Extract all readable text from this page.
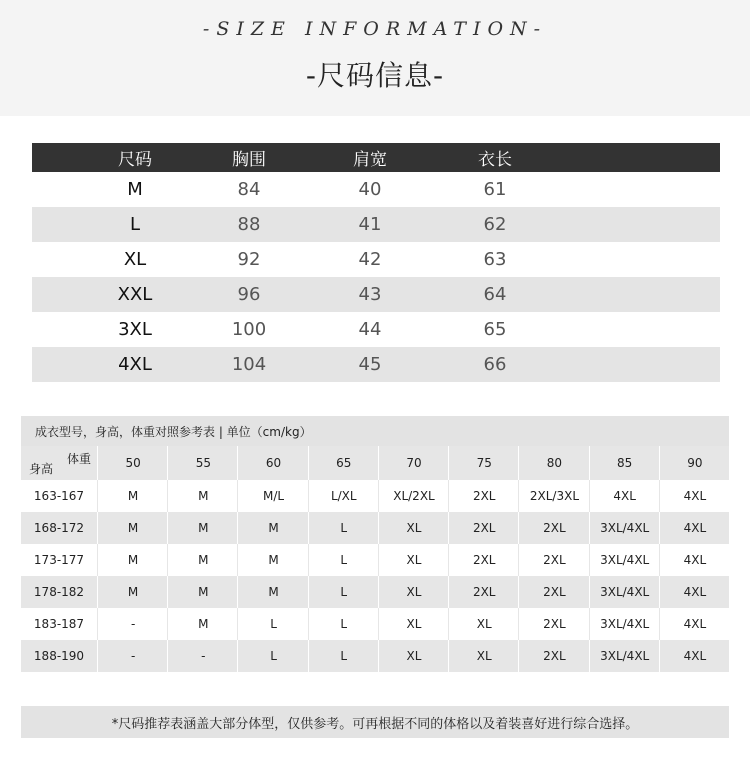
-SIZE INFORMATION-
-尺码信息-
尺码	胸围	肩宽	衣长
M	84	40	61
L	88	41	62
XL	92	42	63
XXL	96	43	64
3XL	100	44	65
4XL	104	45	66
成衣型号，身高，体重对照参考表 | 单位（cm/kg）
体重
身高	50	55	60	65	70	75	80	85	90
163-167	M	M	M/L	L/XL	XL/2XL	2XL	2XL/3XL	4XL	4XL
168-172	M	M	M	L	XL	2XL	2XL	3XL/4XL	4XL
173-177	M	M	M	L	XL	2XL	2XL	3XL/4XL	4XL
178-182	M	M	M	L	XL	2XL	2XL	3XL/4XL	4XL
183-187	-	M	L	L	XL	XL	2XL	3XL/4XL	4XL
188-190	-	-	L	L	XL	XL	2XL	3XL/4XL	4XL
*尺码推荐表涵盖大部分体型，仅供参考。可再根据不同的体格以及着装喜好进行综合选择。
